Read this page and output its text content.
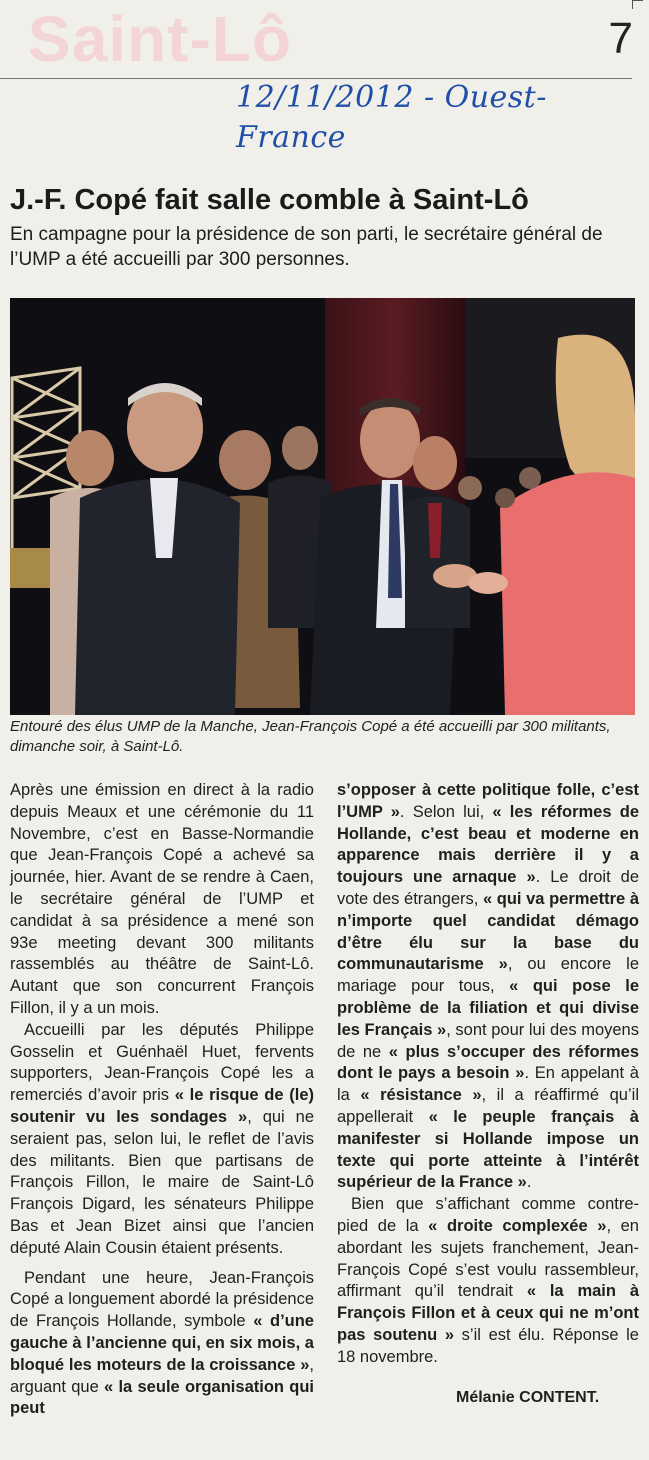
Saint-Lô	7
12/11/2012 - Ouest-France
J.-F. Copé fait salle comble à Saint-Lô

En campagne pour la présidence de son parti, le secrétaire général de l’UMP a été accueilli par 300 personnes.

Entouré des élus UMP de la Manche, Jean-François Copé a été accueilli par 300 militants, dimanche soir, à Saint-Lô.

Après une émission en direct à la radio depuis Meaux et une cérémonie du 11 Novembre, c’est en Basse-Normandie que Jean-François Copé a achevé sa journée, hier. Avant de se rendre à Caen, le secrétaire général de l’UMP et candidat à sa présidence a mené son 93e meeting devant 300 militants rassemblés au théâtre de Saint-Lô. Autant que son concurrent François Fillon, il y a un mois.

Accueilli par les députés Philippe Gosselin et Guénhaël Huet, fervents supporters, Jean-François Copé les a remerciés d’avoir pris « le risque de (le) soutenir vu les sondages », qui ne seraient pas, selon lui, le reflet de l’avis des militants. Bien que partisans de François Fillon, le maire de Saint-Lô François Digard, les sénateurs Philippe Bas et Jean Bizet ainsi que l’ancien député Alain Cousin étaient présents.

Pendant une heure, Jean-François Copé a longuement abordé la présidence de François Hollande, symbole « d’une gauche à l’ancienne qui, en six mois, a bloqué les moteurs de la croissance », arguant que « la seule organisation qui peut

s’opposer à cette politique folle, c’est l’UMP ». Selon lui, « les réformes de Hollande, c’est beau et moderne en apparence mais derrière il y a toujours une arnaque ». Le droit de vote des étrangers, « qui va permettre à n’importe quel candidat démago d’être élu sur la base du communautarisme », ou encore le mariage pour tous, « qui pose le problème de la filiation et qui divise les Français », sont pour lui des moyens de ne « plus s’occuper des réformes dont le pays a besoin ». En appelant à la « résistance », il a réaffirmé qu’il appellerait « le peuple français à manifester si Hollande impose un texte qui porte atteinte à l’intérêt supérieur de la France ».

Bien que s’affichant comme contre-pied de la « droite complexée », en abordant les sujets franchement, Jean-François Copé s’est voulu rassembleur, affirmant qu’il tendrait « la main à François Fillon et à ceux qui ne m’ont pas soutenu » s’il est élu. Réponse le 18 novembre.

Mélanie CONTENT.
